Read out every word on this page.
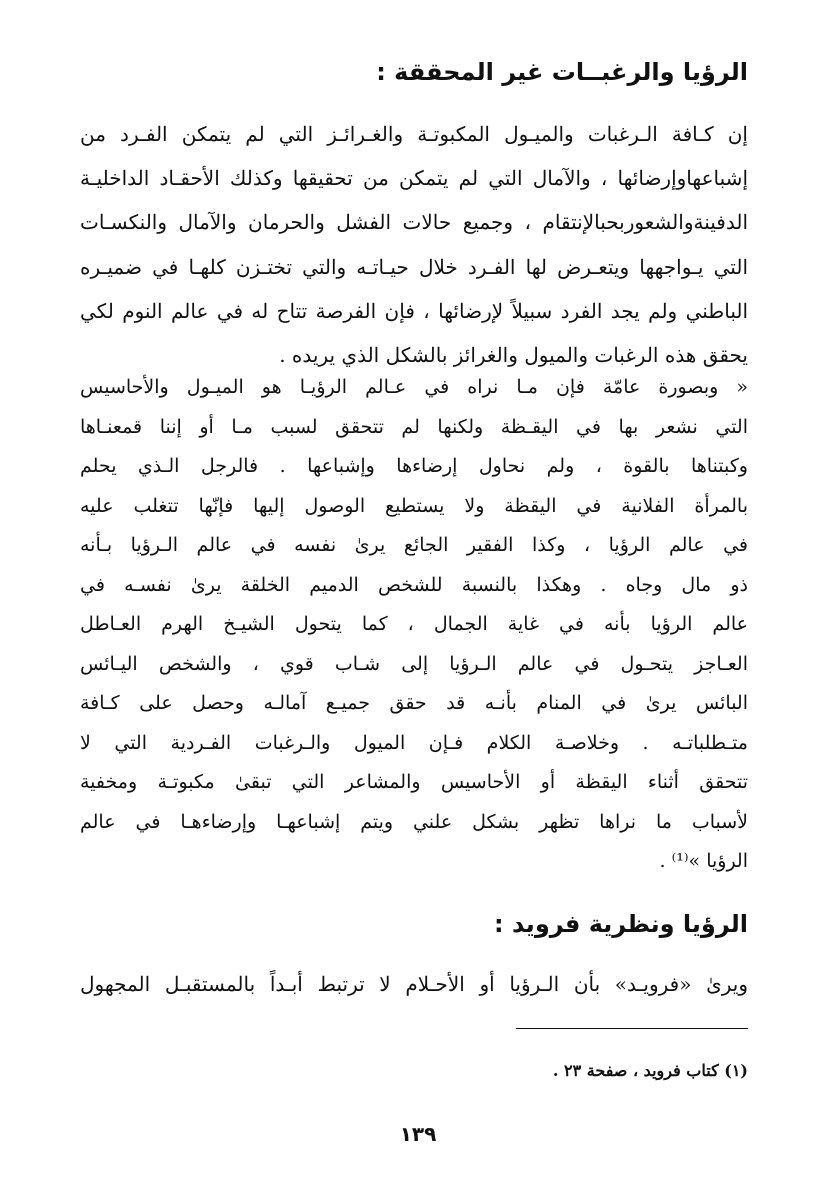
الرؤيا والرغبــات غير المحققة :
إن كـافة الـرغبات والميـول المكبوتـة والغـرائـز التي لم يتمكن الفـرد من
إشباعهاوإرضائها ، والآمال التي لم يتمكن من تحقيقها وكذلك الأحقـاد الداخليـة
الدفينةوالشعوربحبالإنتقام ، وجميع حالات الفشل والحرمان والآمال والنكسـات
التي يـواجهها ويتعـرض لها الفـرد خلال حيـاتـه والتي تختـزن كلهـا في ضميـره
الباطني ولم يجد الفرد سبيلاً لإرضائها ، فإن الفرصة تتاح له في عالم النوم لكي
يحقق هذه الرغبات والميول والغرائز بالشكل الذي يريده .
« وبصورة عامّة فإن مـا نراه في عـالم الرؤيـا هو الميـول والأحاسيس
التي نشعر بها في اليقـظة ولكنها لم تتحقق لسبب مـا أو إننا قمعنـاها
وكبتناها بالقوة ، ولم نحاول إرضاءها وإشباعها . فالرجل الـذي يحلم
بالمرأة الفلانية في اليقظة ولا يستطيع الوصول إليها فإنّها تتغلب عليه
في عالم الرؤيا ، وكذا الفقير الجائع يرىٰ نفسه في عالم الـرؤيا بـأنه
ذو مال وجاه . وهكذا بالنسبة للشخص الدميم الخلقة يرىٰ نفسـه في
عالم الرؤيا بأنه في غاية الجمال ، كما يتحول الشيـخ الهرم العـاطل
العـاجز يتحـول في عالم الـرؤيا إلى شـاب قوي ، والشخص اليـائس
البائس يرىٰ في المنام بأنـه قد حقق جميـع آمالـه وحصل على كـافة
متـطلباتـه . وخلاصـة الكلام فـإن الميول والـرغبات الفـردية التي لا
تتحقق أثناء اليقظة أو الأحاسيس والمشاعر التي تبقىٰ مكبوتـة ومخفية
لأسباب ما نراها تظهر بشكل علني ويتم إشباعهـا وإرضاءهـا في عالم
الرؤيا »⁽¹⁾ .
الرؤيا ونظرية فرويد :
ويرىٰ «فرويـد» بأن الـرؤيا أو الأحـلام لا ترتبط أبـداً بالمستقبـل المجهول
(١) كتاب فرويد ، صفحة ٢٣ .
١٣٩
